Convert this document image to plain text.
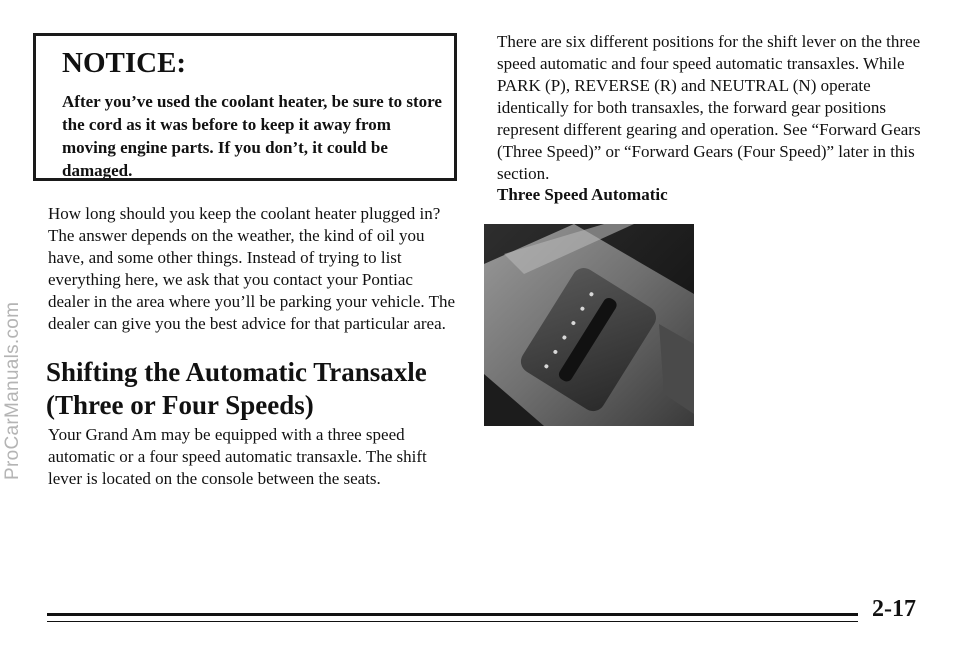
ProCarManuals.com
NOTICE:
After you’ve used the coolant heater, be sure to store the cord as it was before to keep it away from moving engine parts. If you don’t, it could be damaged.

How long should you keep the coolant heater plugged in? The answer depends on the weather, the kind of oil you have, and some other things. Instead of trying to list everything here, we ask that you contact your Pontiac dealer in the area where you’ll be parking your vehicle. The dealer can give you the best advice for that particular area.

Shifting the Automatic Transaxle (Three or Four Speeds)

Your Grand Am may be equipped with a three speed automatic or a four speed automatic transaxle. The shift lever is located on the console between the seats.

There are six different positions for the shift lever on the three speed automatic and four speed automatic transaxles. While PARK (P), REVERSE (R) and NEUTRAL (N) operate identically for both transaxles, the forward gear positions represent different gearing and operation. See “Forward Gears (Three Speed)” or “Forward Gears (Four Speed)” later in this section.

Three Speed Automatic
2-17
